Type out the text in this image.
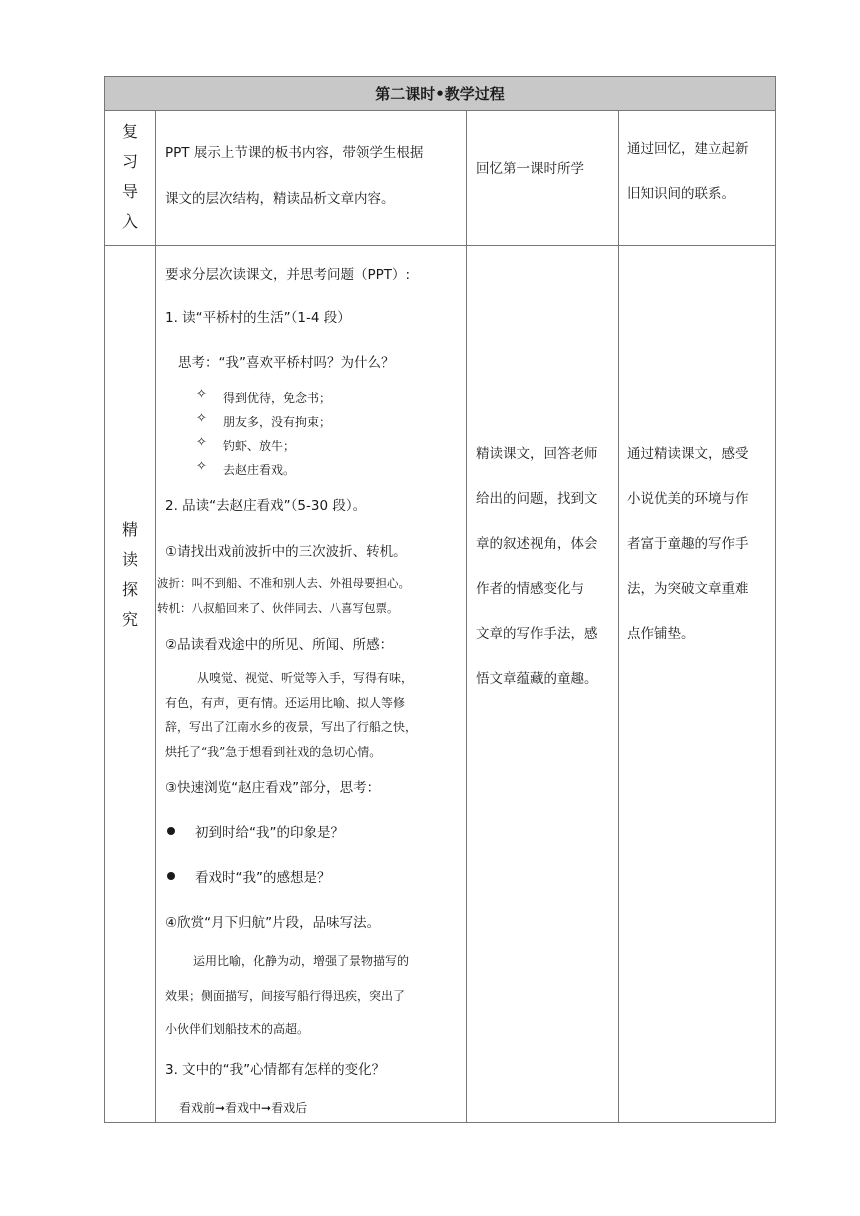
第二课时•教学过程
复
习
导
入
PPT 展示上节课的板书内容，带领学生根据
课文的层次结构，精读品析文章内容。
回忆第一课时所学
通过回忆，建立起新
旧知识间的联系。
精
读
探
究
要求分层次读课文，并思考问题（PPT）:
1. 读“平桥村的生活”（1-4 段）
思考：“我”喜欢平桥村吗？为什么？
✧ 得到优待，免念书；
✧ 朋友多，没有拘束；
✧ 钓虾、放牛；
✧ 去赵庄看戏。
2. 品读“去赵庄看戏”（5-30 段）。
①请找出戏前波折中的三次波折、转机。
波折：叫不到船、不准和别人去、外祖母要担心。
转机：八叔船回来了、伙伴同去、八喜写包票。
②品读看戏途中的所见、所闻、所感：
从嗅觉、视觉、听觉等入手，写得有味，
有色，有声，更有情。还运用比喻、拟人等修
辞，写出了江南水乡的夜景，写出了行船之快，
烘托了“我”急于想看到社戏的急切心情。
③快速浏览“赵庄看戏”部分，思考：
初到时给“我”的印象是？
看戏时“我”的感想是？
④欣赏“月下归航”片段，品味写法。
运用比喻，化静为动，增强了景物描写的
效果；侧面描写，间接写船行得迅疾，突出了
小伙伴们划船技术的高超。
3. 文中的“我”心情都有怎样的变化？
看戏前➞看戏中➞看戏后
精读课文，回答老师
给出的问题，找到文
章的叙述视角，体会
作者的情感变化与
文章的写作手法，感
悟文章蕴藏的童趣。
通过精读课文，感受
小说优美的环境与作
者富于童趣的写作手
法，为突破文章重难
点作铺垫。
